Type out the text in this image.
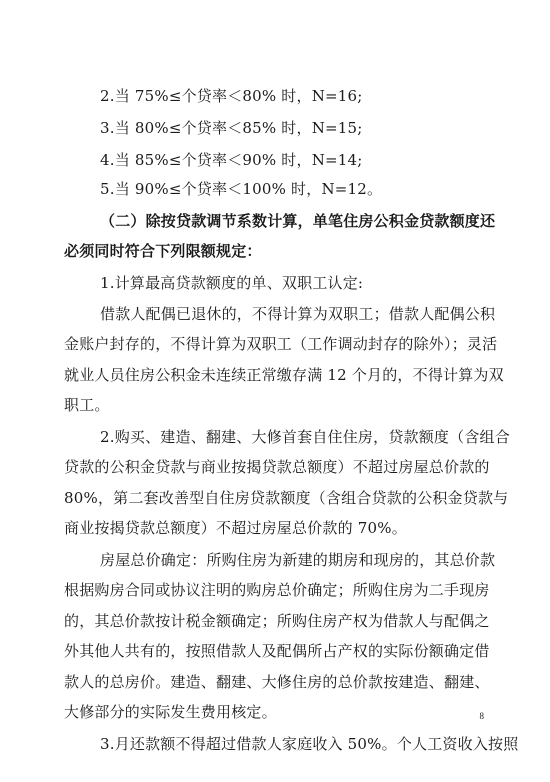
2.当 75%≤个贷率＜80% 时，N=16;
3.当 80%≤个贷率＜85% 时，N=15;
4.当 85%≤个贷率＜90% 时，N=14;
5.当 90%≤个贷率＜100% 时，N=12。
（二）除按贷款调节系数计算，单笔住房公积金贷款额度还
必须同时符合下列限额规定：
1.计算最高贷款额度的单、双职工认定:
借款人配偶已退休的，不得计算为双职工；借款人配偶公积
金账户封存的，不得计算为双职工（工作调动封存的除外）；灵活
就业人员住房公积金未连续正常缴存满 12 个月的，不得计算为双
职工。
2.购买、建造、翻建、大修首套自住住房，贷款额度（含组合
贷款的公积金贷款与商业按揭贷款总额度）不超过房屋总价款的
80%，第二套改善型自住房贷款额度（含组合贷款的公积金贷款与
商业按揭贷款总额度）不超过房屋总价款的 70%。
房屋总价确定：所购住房为新建的期房和现房的，其总价款
根据购房合同或协议注明的购房总价确定；所购住房为二手现房
的，其总价款按计税金额确定；所购住房产权为借款人与配偶之
外其他人共有的，按照借款人及配偶所占产权的实际份额确定借
款人的总房价。建造、翻建、大修住房的总价款按建造、翻建、
大修部分的实际发生费用核定。
3.月还款额不得超过借款人家庭收入 50%。个人工资收入按照
8
